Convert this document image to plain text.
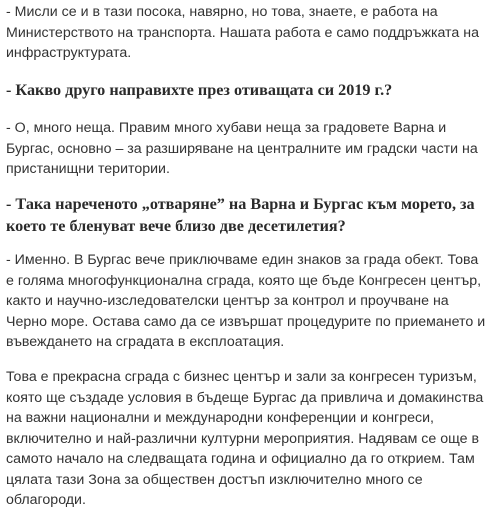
- Мисли се и в тази посока, навярно, но това, знаете, е работа на Министерството на транспорта. Нашата работа е само поддръжката на инфраструктурата.

- Какво друго направихте през отиващата си 2019 г.?

- О, много неща. Правим много хубави неща за градовете Варна и Бургас, основно – за разширяване на централните им градски части на пристанищни територии.

- Така нареченото „отваряне” на Варна и Бургас към морето, за което те бленуват вече близо две десетилетия?

- Именно. В Бургас вече приключваме един знаков за града обект. Това е голяма многофункционална сграда, която ще бъде Конгресен център, както и научно-изследователски център за контрол и проучване на Черно море. Остава само да се извършат процедурите по приемането и въвеждането на сградата в експлоатация.

Това е прекрасна сграда с бизнес център и зали за конгресен туризъм, която ще създаде условия в бъдеще Бургас да привлича и домакинства на важни национални и международни конференции и конгреси, включително и най-различни културни мероприятия. Надявам се още в самото начало на следващата година и официално да го открием. Там цялата тази Зона за обществен достъп изключително много се облагороди.
